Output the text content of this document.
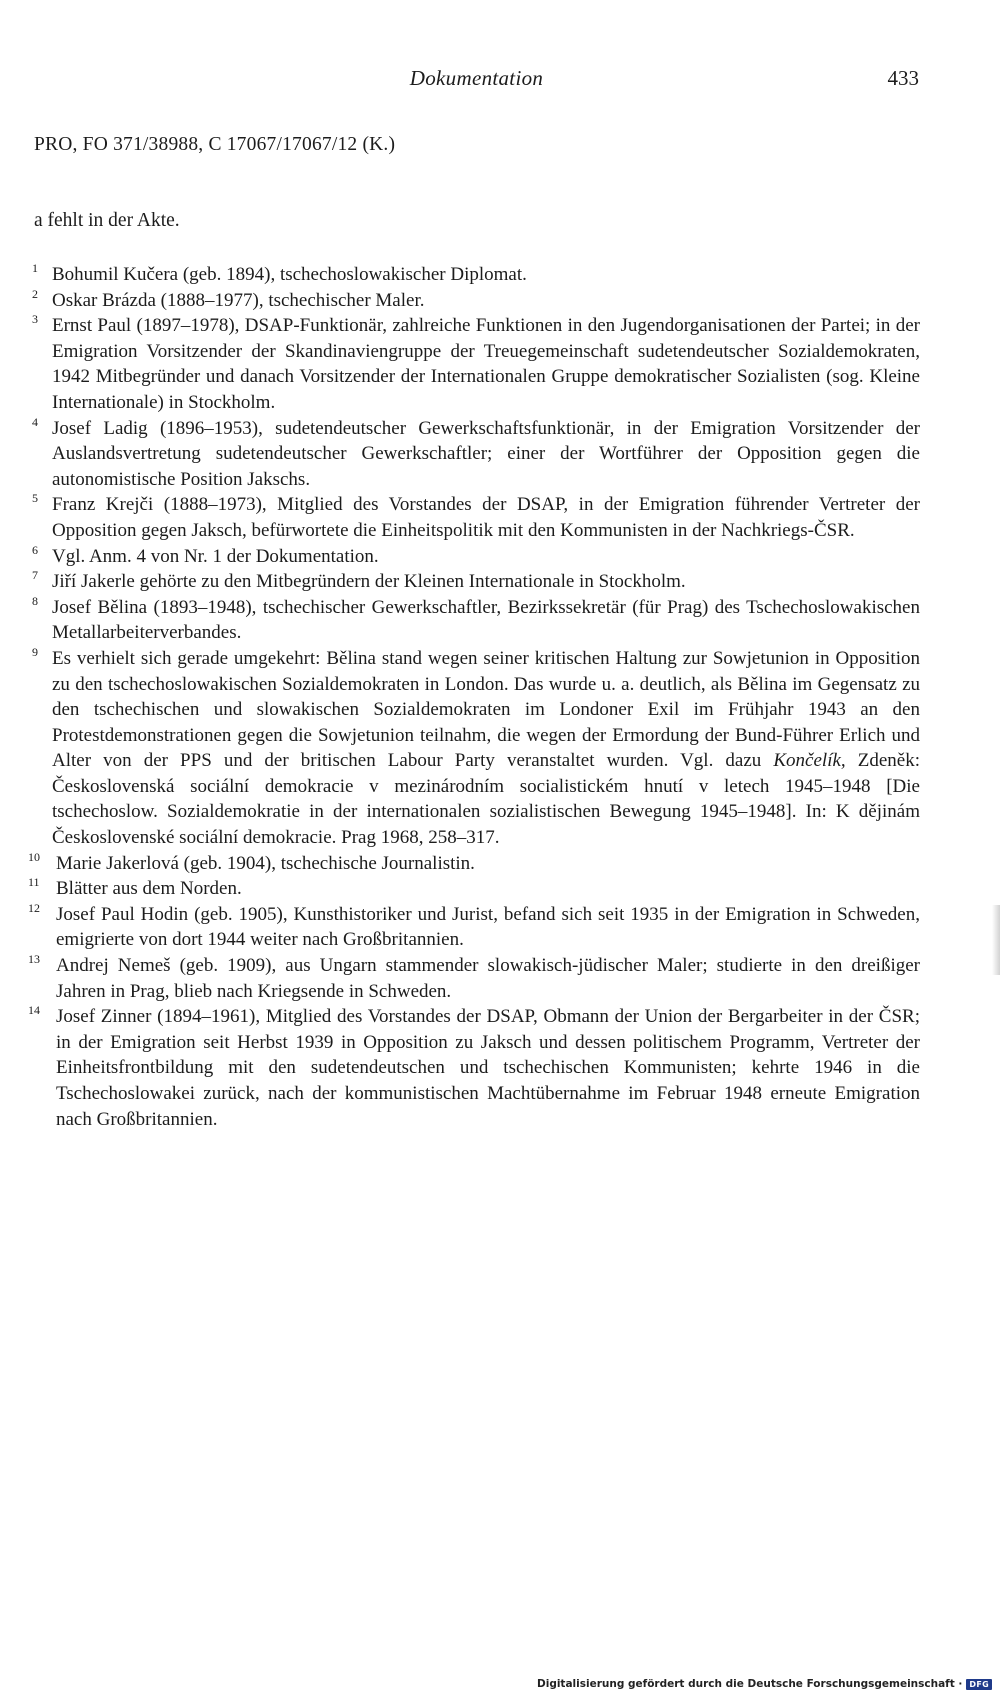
Dokumentation	433
PRO, FO 371/38988, C 17067/17067/12 (K.)
a fehlt in der Akte.
1 Bohumil Kučera (geb. 1894), tschechoslowakischer Diplomat.
2 Oskar Brázda (1888–1977), tschechischer Maler.
3 Ernst Paul (1897–1978), DSAP-Funktionär, zahlreiche Funktionen in den Jugendorganisationen der Partei; in der Emigration Vorsitzender der Skandinaviengruppe der Treuegemeinschaft sudetendeutscher Sozialdemokraten, 1942 Mitbegründer und danach Vorsitzender der Internationalen Gruppe demokratischer Sozialisten (sog. Kleine Internationale) in Stockholm.
4 Josef Ladig (1896–1953), sudetendeutscher Gewerkschaftsfunktionär, in der Emigration Vorsitzender der Auslandsvertretung sudetendeutscher Gewerkschaftler; einer der Wortführer der Opposition gegen die autonomistische Position Jakschs.
5 Franz Krejči (1888–1973), Mitglied des Vorstandes der DSAP, in der Emigration führender Vertreter der Opposition gegen Jaksch, befürwortete die Einheitspolitik mit den Kommunisten in der Nachkriegs-ČSR.
6 Vgl. Anm. 4 von Nr. 1 der Dokumentation.
7 Jiří Jakerle gehörte zu den Mitbegründern der Kleinen Internationale in Stockholm.
8 Josef Bělina (1893–1948), tschechischer Gewerkschaftler, Bezirkssekretär (für Prag) des Tschechoslowakischen Metallarbeiterverbandes.
9 Es verhielt sich gerade umgekehrt: Bělina stand wegen seiner kritischen Haltung zur Sowjetunion in Opposition zu den tschechoslowakischen Sozialdemokraten in London. Das wurde u. a. deutlich, als Bělina im Gegensatz zu den tschechischen und slowakischen Sozialdemokraten im Londoner Exil im Frühjahr 1943 an den Protestdemonstrationen gegen die Sowjetunion teilnahm, die wegen der Ermordung der Bund-Führer Erlich und Alter von der PPS und der britischen Labour Party veranstaltet wurden. Vgl. dazu Končelík, Zdeněk: Československá sociální demokracie v mezinárodním socialistickém hnutí v letech 1945–1948 [Die tschechoslow. Sozialdemokratie in der internationalen sozialistischen Bewegung 1945–1948]. In: K dějinám Československé sociální demokracie. Prag 1968, 258–317.
10 Marie Jakerlová (geb. 1904), tschechische Journalistin.
11 Blätter aus dem Norden.
12 Josef Paul Hodin (geb. 1905), Kunsthistoriker und Jurist, befand sich seit 1935 in der Emigration in Schweden, emigrierte von dort 1944 weiter nach Großbritannien.
13 Andrej Nemeš (geb. 1909), aus Ungarn stammender slowakisch-jüdischer Maler; studierte in den dreißiger Jahren in Prag, blieb nach Kriegsende in Schweden.
14 Josef Zinner (1894–1961), Mitglied des Vorstandes der DSAP, Obmann der Union der Bergarbeiter in der ČSR; in der Emigration seit Herbst 1939 in Opposition zu Jaksch und dessen politischem Programm, Vertreter der Einheitsfrontbildung mit den sudetendeutschen und tschechischen Kommunisten; kehrte 1946 in die Tschechoslowakei zurück, nach der kommunistischen Machtübernahme im Februar 1948 erneute Emigration nach Großbritannien.
Digitalisierung gefördert durch die Deutsche Forschungsgemeinschaft · DFG
